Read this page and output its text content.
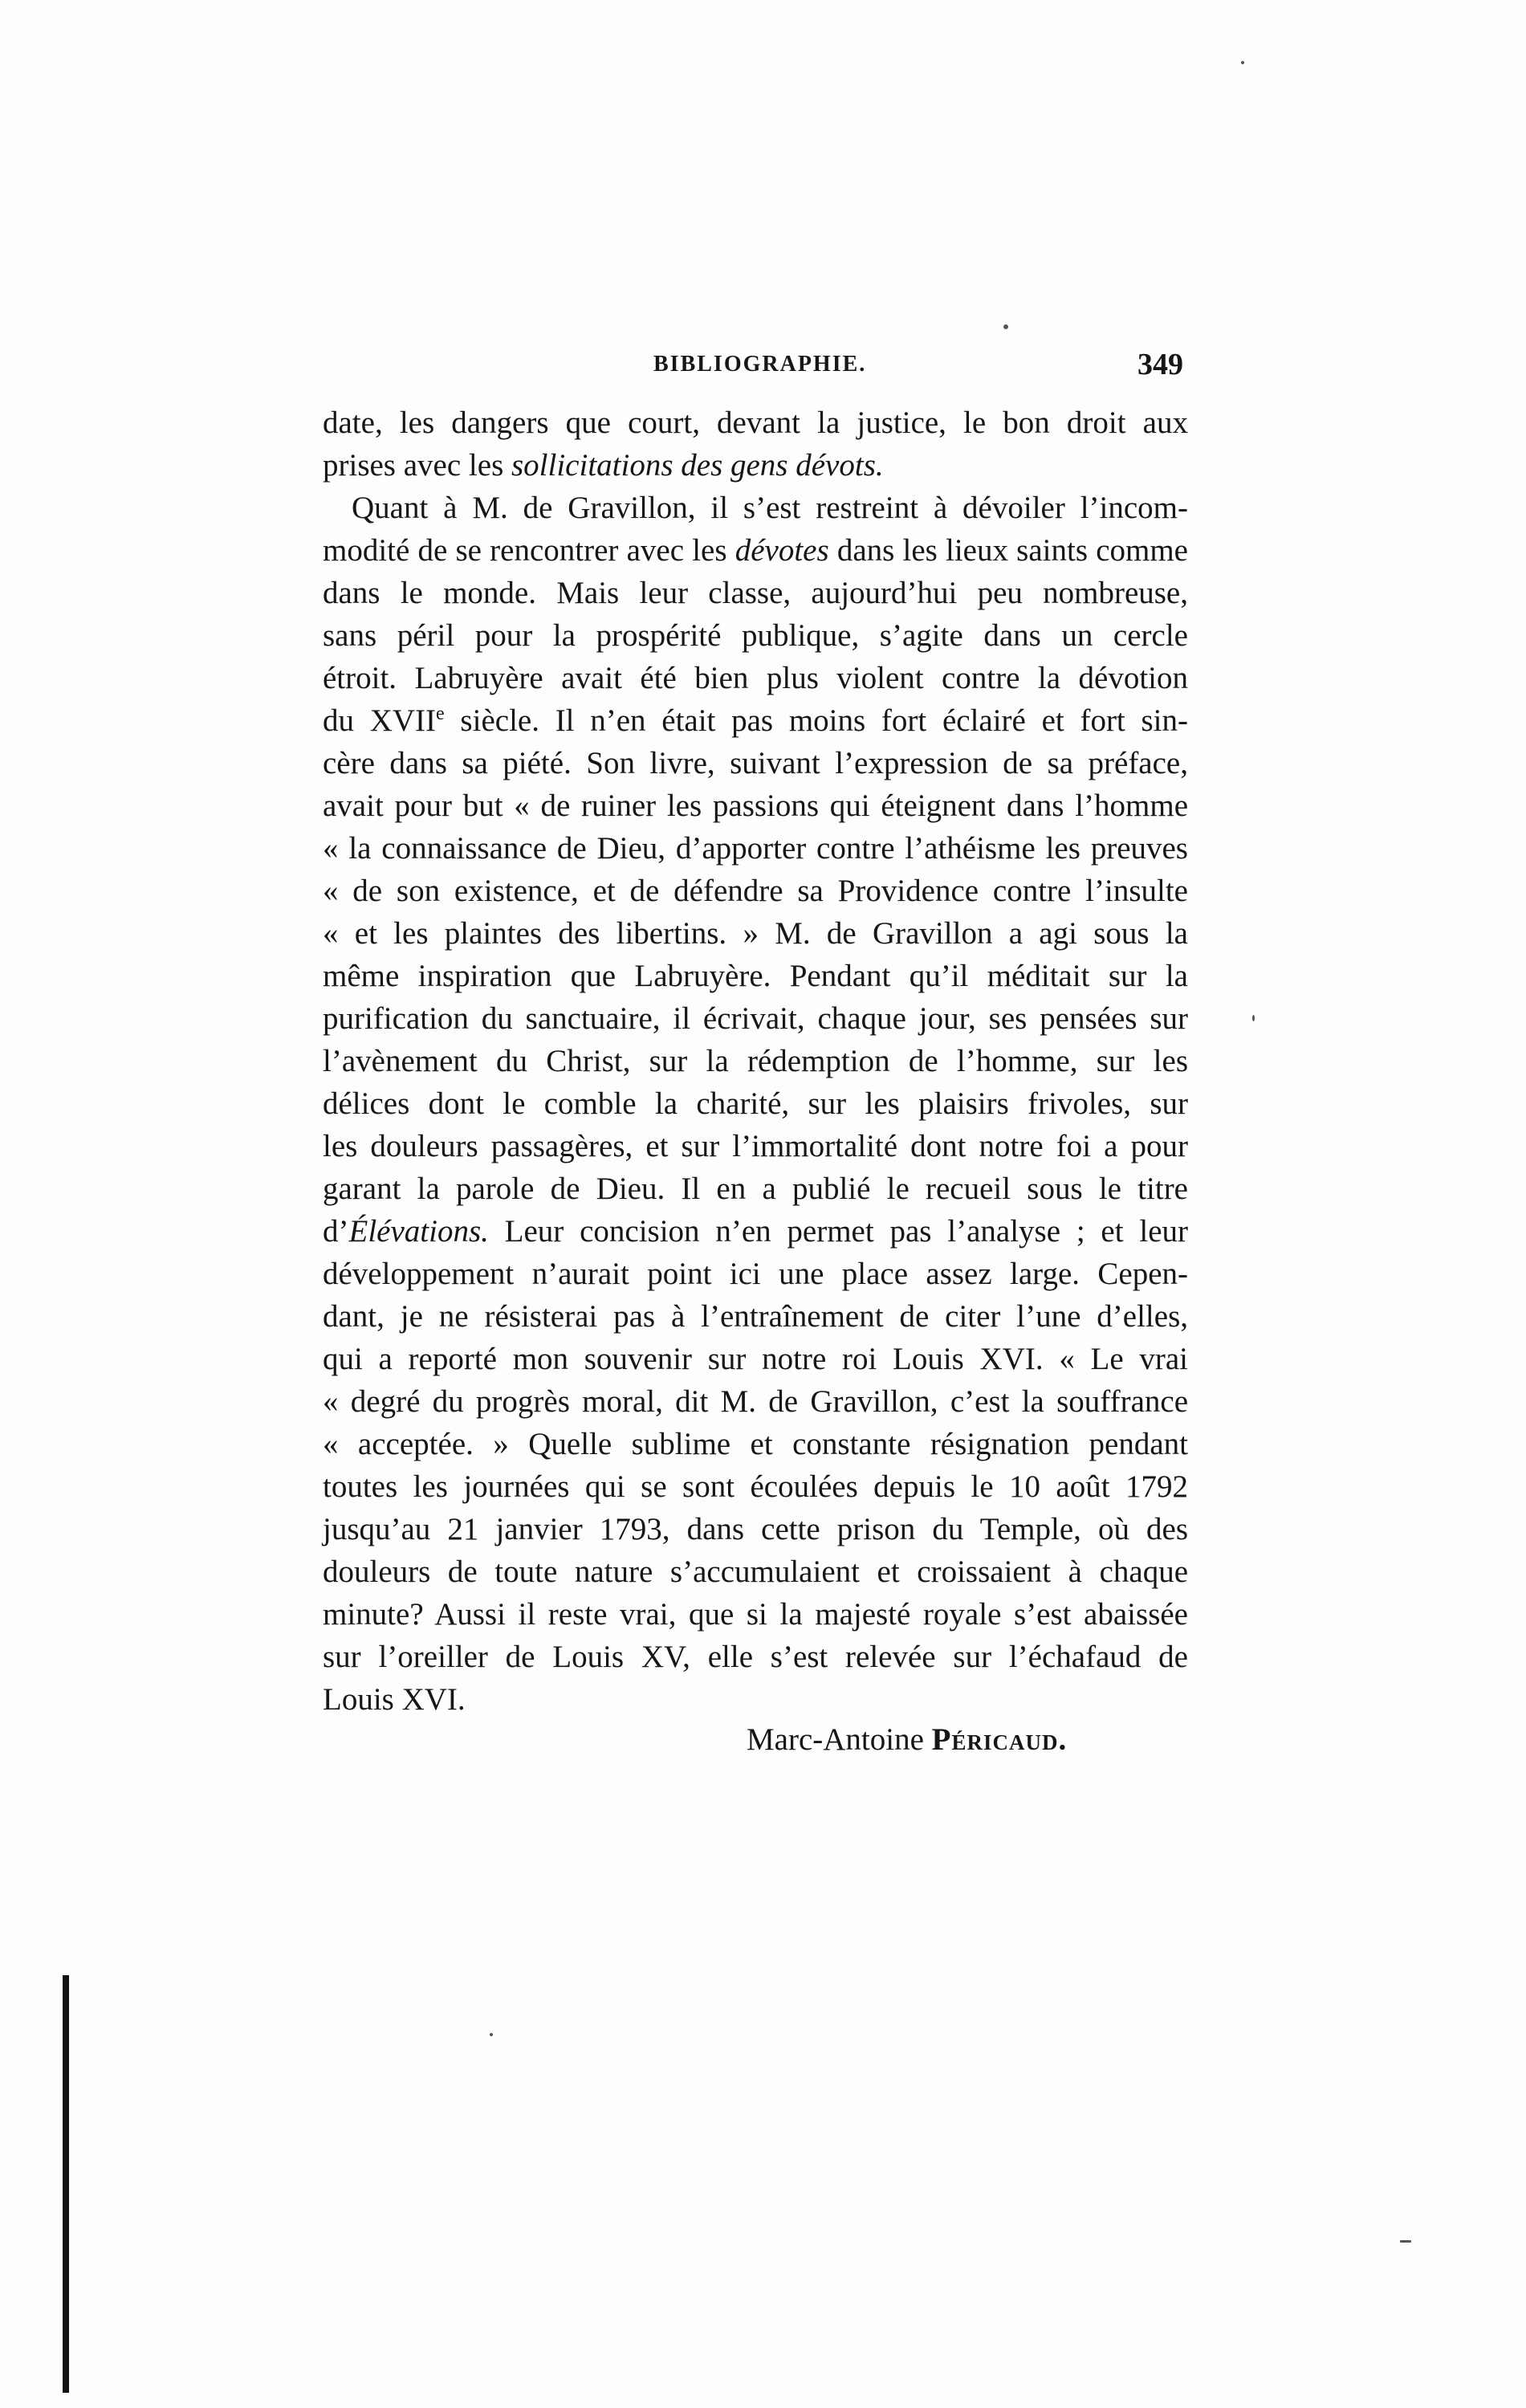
BIBLIOGRAPHIE.	349
date, les dangers que court, devant la justice, le bon droit aux
prises avec les sollicitations des gens dévots.
Quant à M. de Gravillon, il s’est restreint à dévoiler l’incom-
modité de se rencontrer avec les dévotes dans les lieux saints comme
dans le monde. Mais leur classe, aujourd’hui peu nombreuse,
sans péril pour la prospérité publique, s’agite dans un cercle
étroit. Labruyère avait été bien plus violent contre la dévotion
du XVIIe siècle. Il n’en était pas moins fort éclairé et fort sin-
cère dans sa piété. Son livre, suivant l’expression de sa préface,
avait pour but « de ruiner les passions qui éteignent dans l’homme
« la connaissance de Dieu, d’apporter contre l’athéisme les preuves
« de son existence, et de défendre sa Providence contre l’insulte
« et les plaintes des libertins. » M. de Gravillon a agi sous la
même inspiration que Labruyère. Pendant qu’il méditait sur la
purification du sanctuaire, il écrivait, chaque jour, ses pensées sur
l’avènement du Christ, sur la rédemption de l’homme, sur les
délices dont le comble la charité, sur les plaisirs frivoles, sur
les douleurs passagères, et sur l’immortalité dont notre foi a pour
garant la parole de Dieu. Il en a publié le recueil sous le titre
d’Élévations. Leur concision n’en permet pas l’analyse ; et leur
développement n’aurait point ici une place assez large. Cepen-
dant, je ne résisterai pas à l’entraînement de citer l’une d’elles,
qui a reporté mon souvenir sur notre roi Louis XVI. « Le vrai
« degré du progrès moral, dit M. de Gravillon, c’est la souffrance
« acceptée. » Quelle sublime et constante résignation pendant
toutes les journées qui se sont écoulées depuis le 10 août 1792
jusqu’au 21 janvier 1793, dans cette prison du Temple, où des
douleurs de toute nature s’accumulaient et croissaient à chaque
minute? Aussi il reste vrai, que si la majesté royale s’est abaissée
sur l’oreiller de Louis XV, elle s’est relevée sur l’échafaud de
Louis XVI.
Marc-Antoine Péricaud.
